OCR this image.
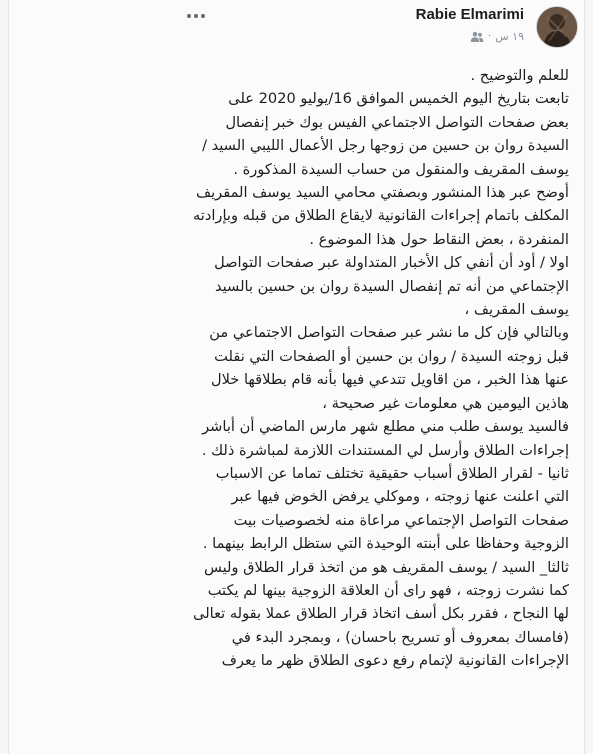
Rabie Elmarimi
١٩ س
·
للعلم والتوضيح .
تابعت بتاريخ اليوم الخميس الموافق 16/يوليو 2020 على
بعض صفحات التواصل الاجتماعي الفيس بوك خبر إنفصال
السيدة روان بن حسين من زوجها رجل الأعمال الليبي السيد /
يوسف المقريف والمنقول من حساب السيدة المذكورة .
أوضح عبر هذا المنشور وبصفتي محامي السيد يوسف المقريف
المكلف باتمام إجراءات القانونية لايقاع الطلاق من قبله وبإرادته
المنفردة ، بعض النقاط حول هذا الموضوع .
اولا / أود أن أنفي كل الأخبار المتداولة عبر صفحات التواصل
الإجتماعي من أنه تم إنفصال السيدة روان بن حسين بالسيد
يوسف المقريف ،
وبالتالي فإن كل ما نشر عبر صفحات التواصل الاجتماعي من
قبل زوجته السيدة / روان بن حسين أو الصفحات التي نقلت
عنها هذا الخبر ، من اقاويل تتدعي فيها بأنه قام بطلاقها خلال
هاذين اليومين هي معلومات غير صحيحة ،
فالسيد يوسف طلب مني مطلع شهر مارس الماضي أن أباشر
إجراءات الطلاق وأرسل لي المستندات اللازمة لمباشرة ذلك .
ثانيا - لقرار الطلاق أسباب حقيقية تختلف تماما عن الاسباب
التي اعلنت عنها زوجته ، وموكلي يرفض الخوض فيها عبر
صفحات التواصل الإجتماعي مراعاة منه لخصوصيات بيت
الزوجية وحفاظا على أبنته الوحيدة التي ستظل الرابط بينهما .
ثالثا_ السيد / يوسف المقريف هو من اتخذ قرار الطلاق وليس
كما نشرت زوجته ، فهو راى أن العلاقة الزوجية بينها لم يكتب
لها النجاح ، فقرر بكل أسف اتخاذ قرار الطلاق عملا بقوله تعالى
(فامساك بمعروف أو تسريح باحسان) ، وبمجرد البدء في
الإجراءات القانونية لإتمام رفع دعوى الطلاق ظهر ما يعرف
